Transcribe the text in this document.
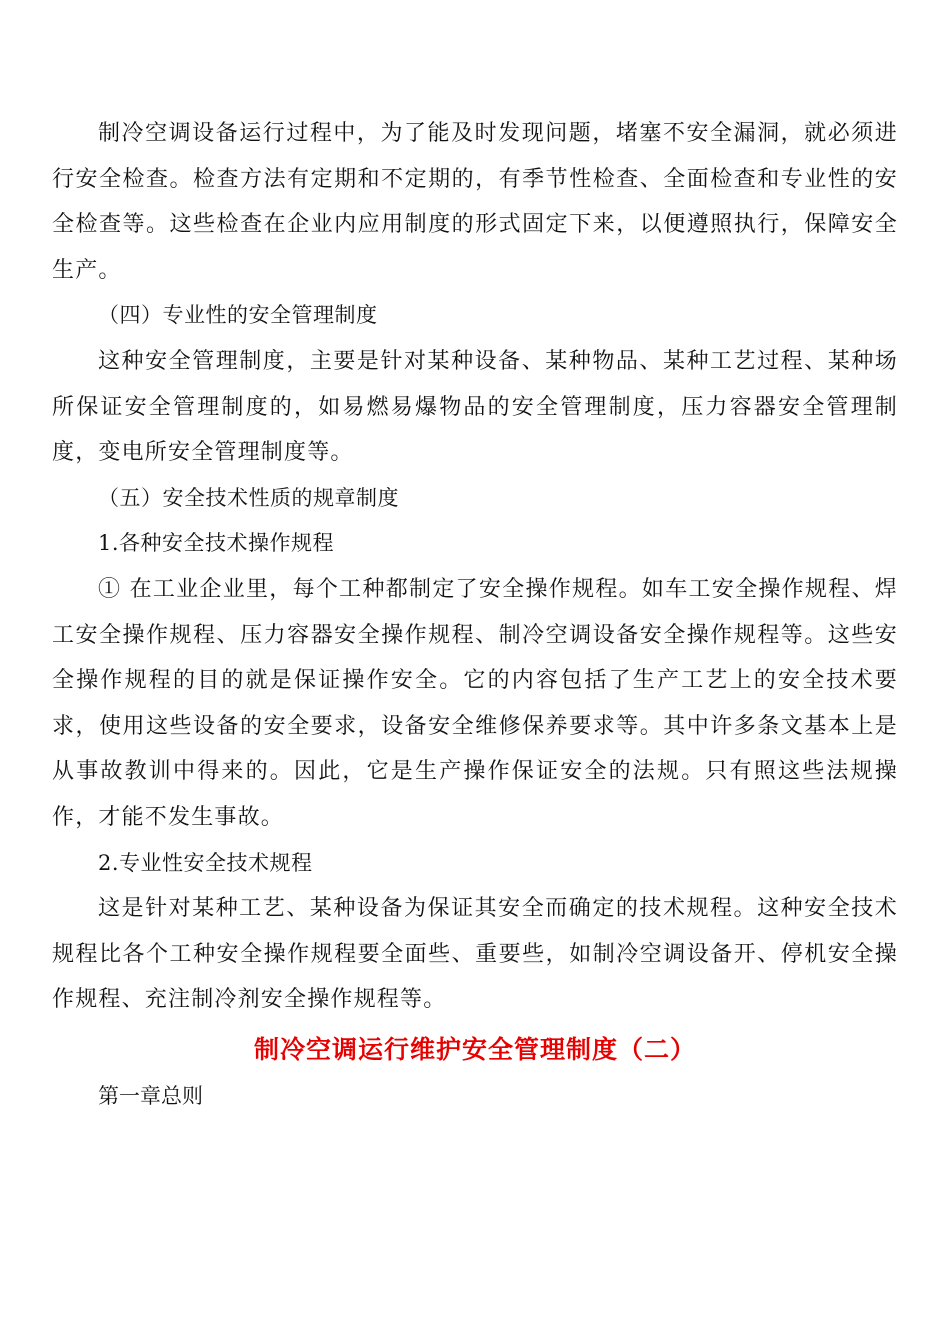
制冷空调设备运行过程中，为了能及时发现问题，堵塞不安全漏洞，就必须进行安全检查。检查方法有定期和不定期的，有季节性检查、全面检查和专业性的安全检查等。这些检查在企业内应用制度的形式固定下来，以便遵照执行，保障安全生产。

（四）专业性的安全管理制度

这种安全管理制度，主要是针对某种设备、某种物品、某种工艺过程、某种场所保证安全管理制度的，如易燃易爆物品的安全管理制度，压力容器安全管理制度，变电所安全管理制度等。

（五）安全技术性质的规章制度

1.各种安全技术操作规程

① 在工业企业里，每个工种都制定了安全操作规程。如车工安全操作规程、焊工安全操作规程、压力容器安全操作规程、制冷空调设备安全操作规程等。这些安全操作规程的目的就是保证操作安全。它的内容包括了生产工艺上的安全技术要求，使用这些设备的安全要求，设备安全维修保养要求等。其中许多条文基本上是从事故教训中得来的。因此，它是生产操作保证安全的法规。只有照这些法规操作，才能不发生事故。

2.专业性安全技术规程

这是针对某种工艺、某种设备为保证其安全而确定的技术规程。这种安全技术规程比各个工种安全操作规程要全面些、重要些，如制冷空调设备开、停机安全操作规程、充注制冷剂安全操作规程等。

制冷空调运行维护安全管理制度（二）

第一章总则
